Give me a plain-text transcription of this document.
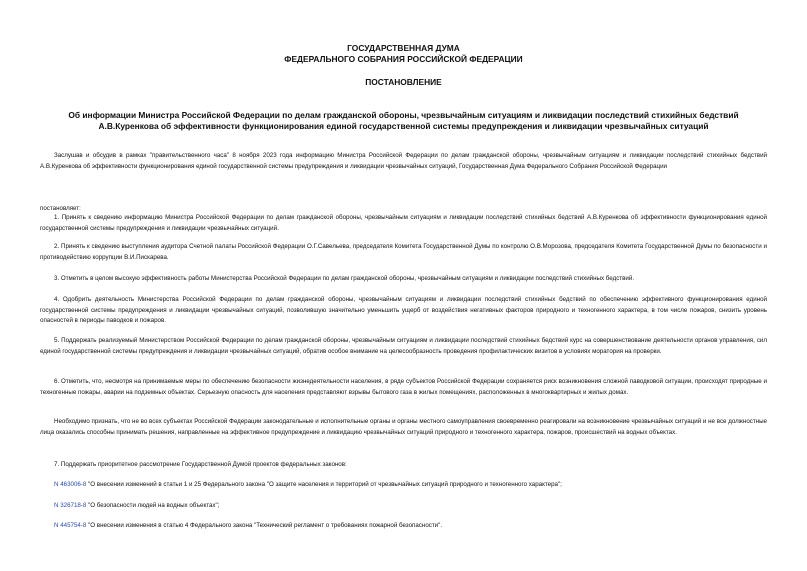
ГОСУДАРСТВЕННАЯ ДУМА
ФЕДЕРАЛЬНОГО СОБРАНИЯ РОССИЙСКОЙ ФЕДЕРАЦИИ
ПОСТАНОВЛЕНИЕ
Об информации Министра Российской Федерации по делам гражданской обороны, чрезвычайным ситуациям и ликвидации последствий стихийных бедствий
А.В.Куренкова об эффективности функционирования единой государственной системы предупреждения и ликвидации чрезвычайных ситуаций
Заслушав и обсудив в рамках "правительственного часа" 8 ноября 2023 года информацию Министра Российской Федерации по делам гражданской обороны, чрезвычайным ситуациям и ликвидации последствий стихийных бедствий А.В.Куренкова об эффективности функционирования единой государственной системы предупреждения и ликвидации чрезвычайных ситуаций, Государственная Дума Федерального Собрания Российской Федерации
постановляет:
1. Принять к сведению информацию Министра Российской Федерации по делам гражданской обороны, чрезвычайным ситуациям и ликвидации последствий стихийных бедствий А.В.Куренкова об эффективности функционирования единой государственной системы предупреждения и ликвидации чрезвычайных ситуаций.
2. Принять к сведению выступления аудитора Счетной палаты Российской Федерации О.Г.Савельева, председателя Комитета Государственной Думы по контролю О.В.Морозова, председателя Комитета Государственной Думы по безопасности и противодействию коррупции В.И.Пискарева.
3. Отметить в целом высокую эффективность работы Министерства Российской Федерации по делам гражданской обороны, чрезвычайным ситуациям и ликвидации последствий стихийных бедствий.
4. Одобрить деятельность Министерства Российской Федерации по делам гражданской обороны, чрезвычайным ситуациям и ликвидации последствий стихийных бедствий по обеспечению эффективного функционирования единой государственной системы предупреждения и ликвидации чрезвычайных ситуаций, позволившую значительно уменьшить ущерб от воздействия негативных факторов природного и техногенного характера, в том числе пожаров, снизить уровень опасностей в периоды паводков и пожаров.
5. Поддержать реализуемый Министерством Российской Федерации по делам гражданской обороны, чрезвычайным ситуациям и ликвидации последствий стихийных бедствий курс на совершенствование деятельности органов управления, сил единой государственной системы предупреждения и ликвидации чрезвычайных ситуаций, обратив особое внимание на целесообразность проведения профилактических визитов в условиях моратория на проверки.
6. Отметить, что, несмотря на принимаемые меры по обеспечению безопасности жизнедеятельности населения, в ряде субъектов Российской Федерации сохраняется риск возникновения сложной паводковой ситуации, происходят природные и техногенные пожары, аварии на подземных объектах. Серьезную опасность для населения представляют взрывы бытового газа в жилых помещениях, расположенных в многоквартирных и жилых домах.
Необходимо признать, что не во всех субъектах Российской Федерации законодательные и исполнительные органы и органы местного самоуправления своевременно реагировали на возникновение чрезвычайных ситуаций и не все должностные лица оказались способны принимать решения, направленные на эффективное предупреждение и ликвидацию чрезвычайных ситуаций природного и техногенного характера, пожаров, происшествий на водных объектах.
7. Поддержать приоритетное рассмотрение Государственной Думой проектов федеральных законов:
N 463006-8 "О внесении изменений в статьи 1 и 25 Федерального закона "О защите населения и территорий от чрезвычайных ситуаций природного и техногенного характера";
N 326718-8 "О безопасности людей на водных объектах";
N 445754-8 "О внесении изменения в статью 4 Федерального закона "Технический регламент о требованиях пожарной безопасности".
